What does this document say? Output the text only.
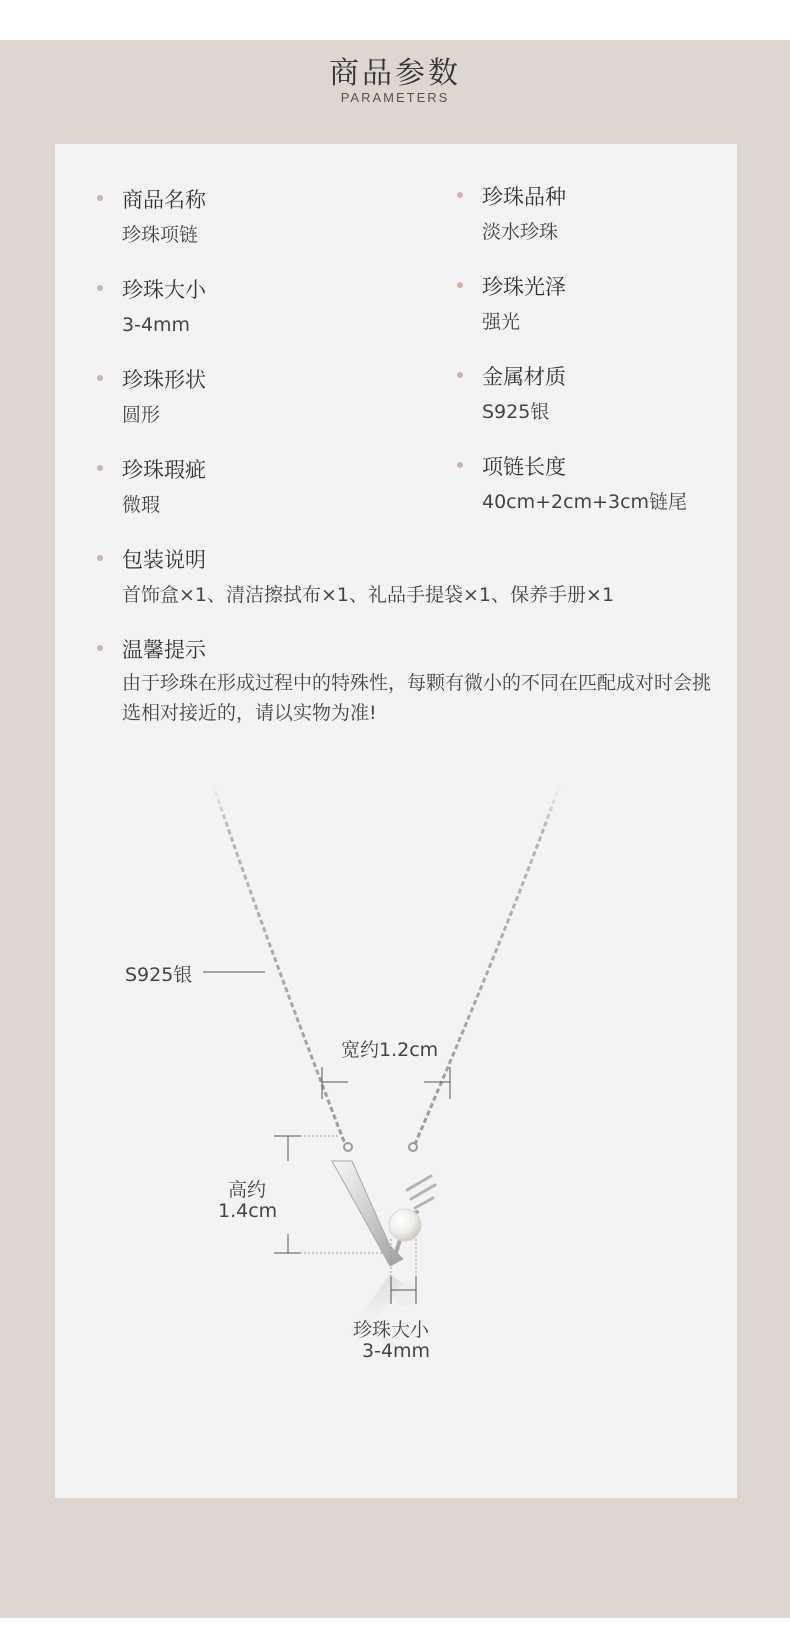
商品参数
PARAMETERS
商品名称
珍珠项链
珍珠品种
淡水珍珠
珍珠大小
3-4mm
珍珠光泽
强光
珍珠形状
圆形
金属材质
S925银
珍珠瑕疵
微瑕
项链长度
40cm+2cm+3cm链尾
包装说明
首饰盒×1、清洁擦拭布×1、礼品手提袋×1、保养手册×1
温馨提示
由于珍珠在形成过程中的特殊性，每颗有微小的不同在匹配成对时会挑选相对接近的，请以实物为准!
S925银
宽约1.2cm
高约
1.4cm
珍珠大小
3-4mm
